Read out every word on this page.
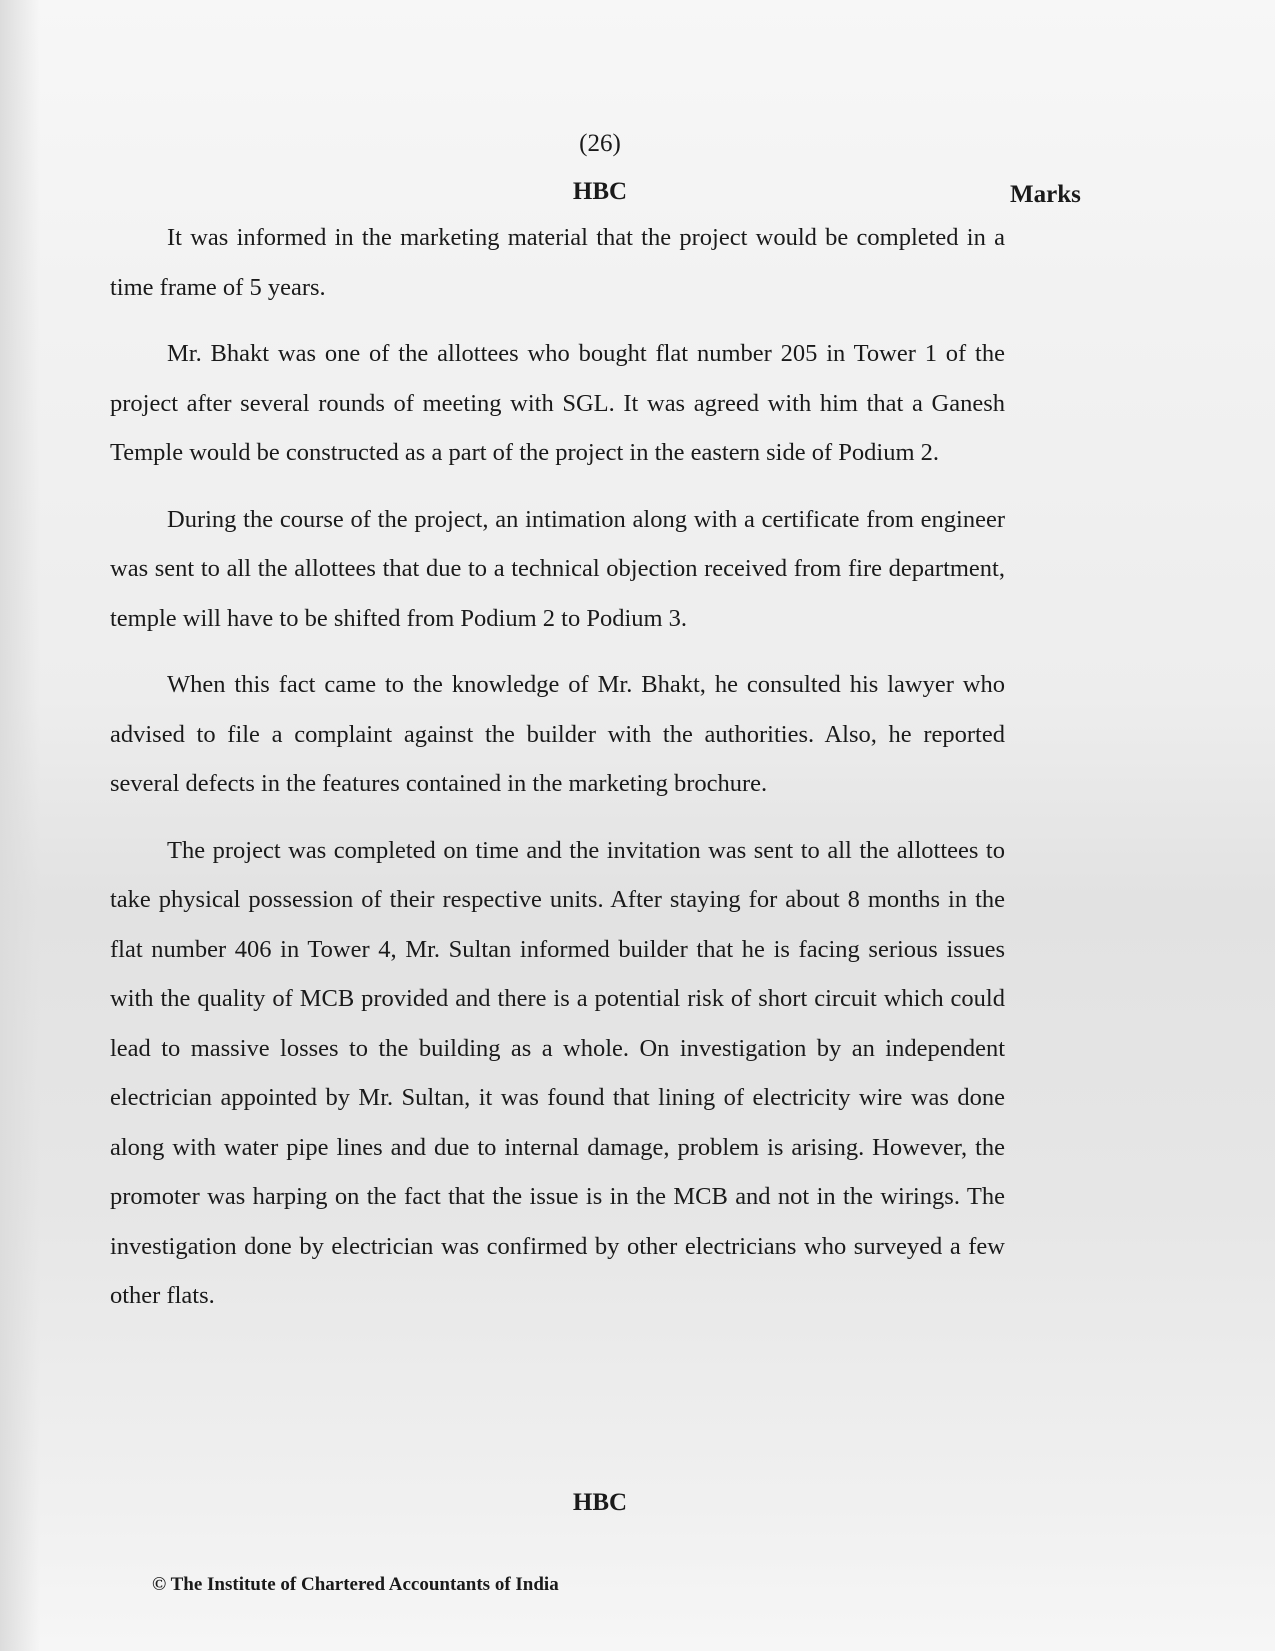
(26)
HBC	Marks

It was informed in the marketing material that the project would be completed in a time frame of 5 years.

Mr. Bhakt was one of the allottees who bought flat number 205 in Tower 1 of the project after several rounds of meeting with SGL. It was agreed with him that a Ganesh Temple would be constructed as a part of the project in the eastern side of Podium 2.

During the course of the project, an intimation along with a certificate from engineer was sent to all the allottees that due to a technical objection received from fire department, temple will have to be shifted from Podium 2 to Podium 3.

When this fact came to the knowledge of Mr. Bhakt, he consulted his lawyer who advised to file a complaint against the builder with the authorities. Also, he reported several defects in the features contained in the marketing brochure.

The project was completed on time and the invitation was sent to all the allottees to take physical possession of their respective units. After staying for about 8 months in the flat number 406 in Tower 4, Mr. Sultan informed builder that he is facing serious issues with the quality of MCB provided and there is a potential risk of short circuit which could lead to massive losses to the building as a whole. On investigation by an independent electrician appointed by Mr. Sultan, it was found that lining of electricity wire was done along with water pipe lines and due to internal damage, problem is arising. However, the promoter was harping on the fact that the issue is in the MCB and not in the wirings. The investigation done by electrician was confirmed by other electricians who surveyed a few other flats.

HBC
© The Institute of Chartered Accountants of India
